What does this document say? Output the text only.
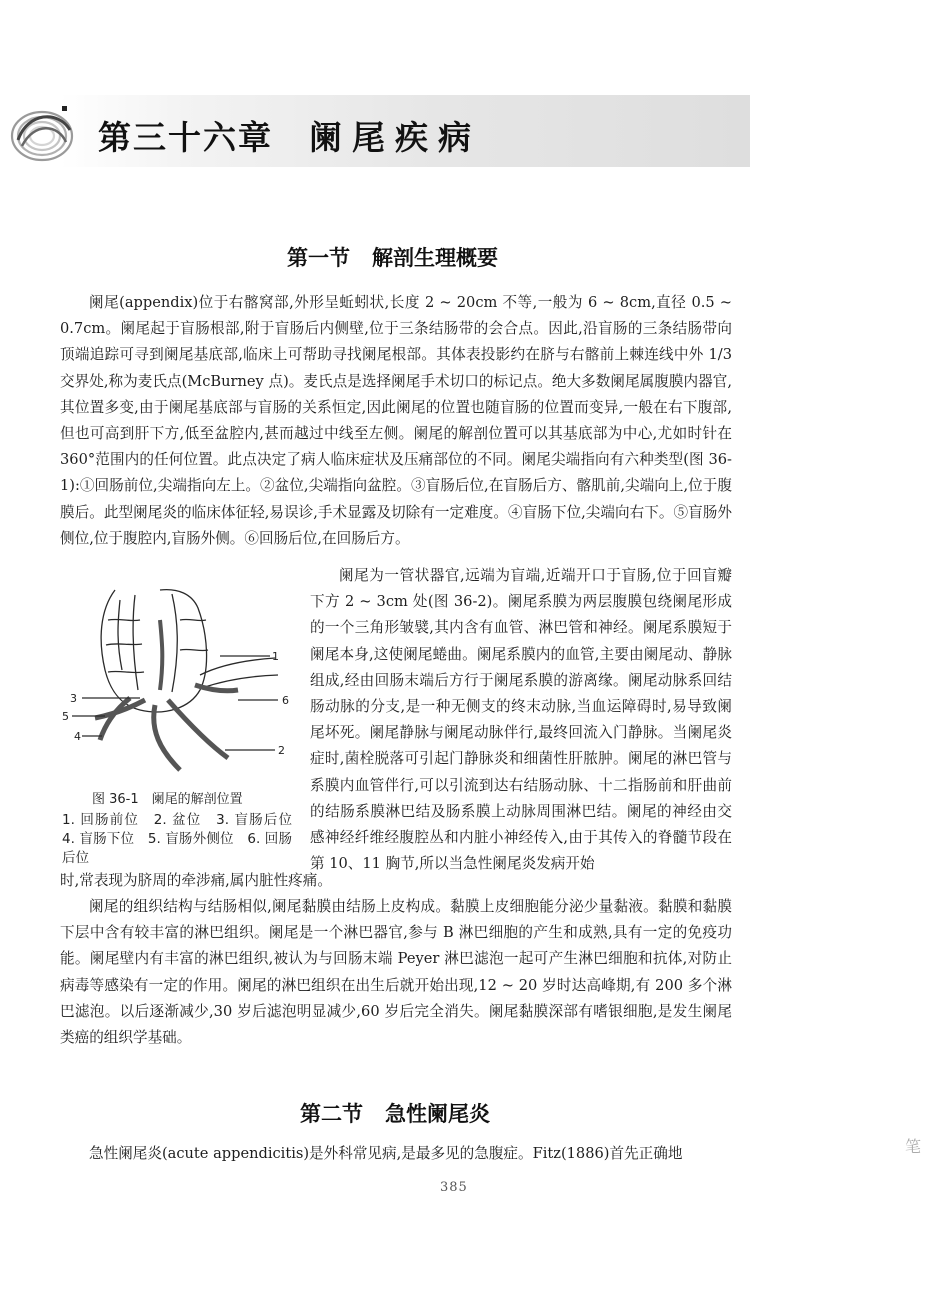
第三十六章 阑尾疾病
第一节 解剖生理概要

阑尾(appendix)位于右髂窝部,外形呈蚯蚓状,长度 2 ~ 20cm 不等,一般为 6 ~ 8cm,直径 0.5 ~ 0.7cm。阑尾起于盲肠根部,附于盲肠后内侧壁,位于三条结肠带的会合点。因此,沿盲肠的三条结肠带向顶端追踪可寻到阑尾基底部,临床上可帮助寻找阑尾根部。其体表投影约在脐与右髂前上棘连线中外 1/3 交界处,称为麦氏点(McBurney 点)。麦氏点是选择阑尾手术切口的标记点。绝大多数阑尾属腹膜内器官,其位置多变,由于阑尾基底部与盲肠的关系恒定,因此阑尾的位置也随盲肠的位置而变异,一般在右下腹部,但也可高到肝下方,低至盆腔内,甚而越过中线至左侧。阑尾的解剖位置可以其基底部为中心,尤如时针在 360°范围内的任何位置。此点决定了病人临床症状及压痛部位的不同。阑尾尖端指向有六种类型(图 36-1):①回肠前位,尖端指向左上。②盆位,尖端指向盆腔。③盲肠后位,在盲肠后方、髂肌前,尖端向上,位于腹膜后。此型阑尾炎的临床体征轻,易误诊,手术显露及切除有一定难度。④盲肠下位,尖端向右下。⑤盲肠外侧位,位于腹腔内,盲肠外侧。⑥回肠后位,在回肠后方。

1
2
3
4
5
6
图 36-1　阑尾的解剖位置
1. 回肠前位　2. 盆位　3. 盲肠后位　4. 盲肠下位　5. 盲肠外侧位　6. 回肠后位

阑尾为一管状器官,远端为盲端,近端开口于盲肠,位于回盲瓣下方 2 ~ 3cm 处(图 36-2)。阑尾系膜为两层腹膜包绕阑尾形成的一个三角形皱襞,其内含有血管、淋巴管和神经。阑尾系膜短于阑尾本身,这使阑尾蜷曲。阑尾系膜内的血管,主要由阑尾动、静脉组成,经由回肠末端后方行于阑尾系膜的游离缘。阑尾动脉系回结肠动脉的分支,是一种无侧支的终末动脉,当血运障碍时,易导致阑尾坏死。阑尾静脉与阑尾动脉伴行,最终回流入门静脉。当阑尾炎症时,菌栓脱落可引起门静脉炎和细菌性肝脓肿。阑尾的淋巴管与系膜内血管伴行,可以引流到达右结肠动脉、十二指肠前和肝曲前的结肠系膜淋巴结及肠系膜上动脉周围淋巴结。阑尾的神经由交感神经纤维经腹腔丛和内脏小神经传入,由于其传入的脊髓节段在第 10、11 胸节,所以当急性阑尾炎发病开始

时,常表现为脐周的牵涉痛,属内脏性疼痛。

阑尾的组织结构与结肠相似,阑尾黏膜由结肠上皮构成。黏膜上皮细胞能分泌少量黏液。黏膜和黏膜下层中含有较丰富的淋巴组织。阑尾是一个淋巴器官,参与 B 淋巴细胞的产生和成熟,具有一定的免疫功能。阑尾壁内有丰富的淋巴组织,被认为与回肠末端 Peyer 淋巴滤泡一起可产生淋巴细胞和抗体,对防止病毒等感染有一定的作用。阑尾的淋巴组织在出生后就开始出现,12 ~ 20 岁时达高峰期,有 200 多个淋巴滤泡。以后逐渐减少,30 岁后滤泡明显减少,60 岁后完全消失。阑尾黏膜深部有嗜银细胞,是发生阑尾类癌的组织学基础。

第二节 急性阑尾炎

急性阑尾炎(acute appendicitis)是外科常见病,是最多见的急腹症。Fitz(1886)首先正确地

385
笔
